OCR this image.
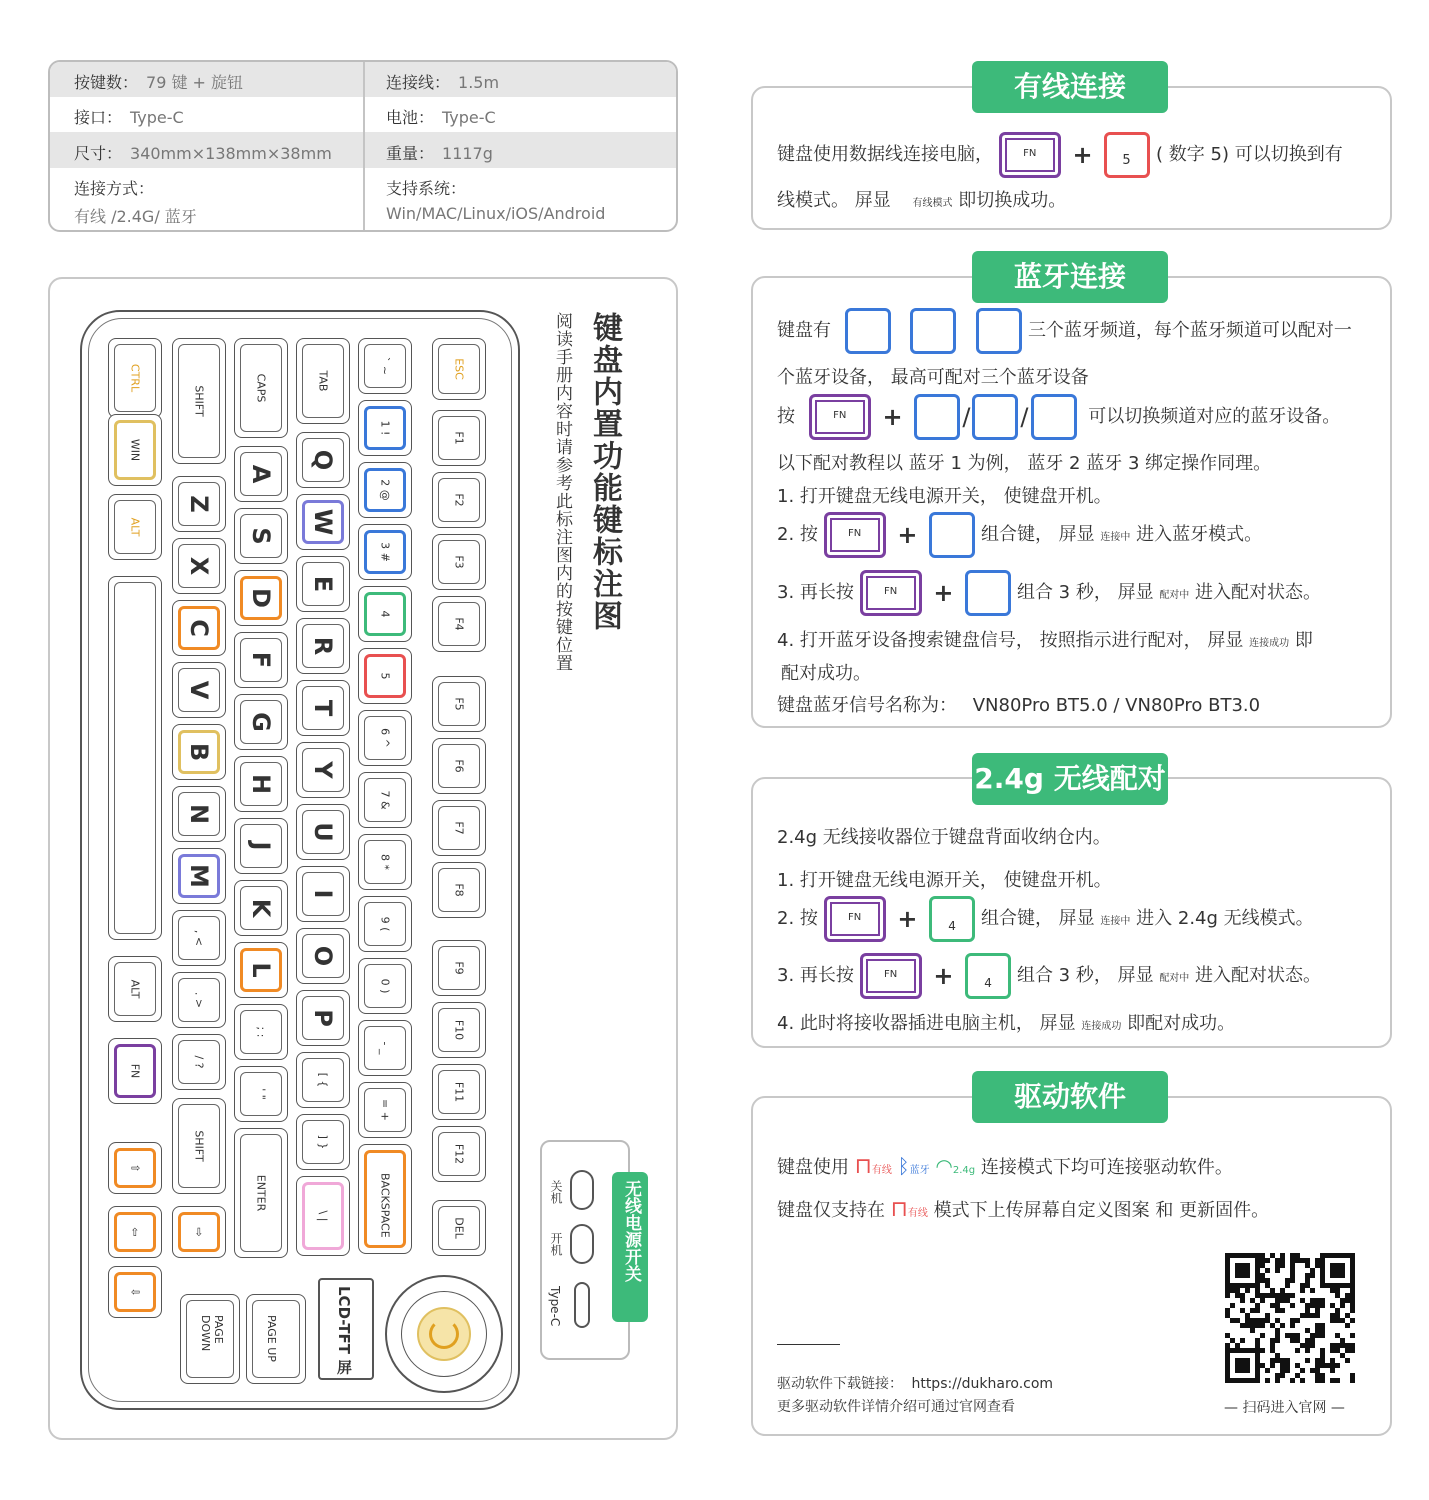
按键数： 79 键 + 旋钮	连接线： 1.5m
接口： Type-C	电池： Type-C
尺寸： 340mm×138mm×38mm	重量： 1117g
连接方式：
有线 /2.4G/ 蓝牙
支持系统：
Win/MAC/Linux/iOS/Android
键盘内置功能键标注图
阅读手册内容时请参考此标注图内的按键位置
CTRL
WIN
ALT
ALT
FN
⇧
⇦
⇩
SHIFT
Z
X
C
V
B
N
M
, <
. >
/ ?
SHIFT
⇨
CAPS
A
S
D
F
G
H
J
K
L
; :
' "
ENTER
TAB
Q
W
E
R
T
Y
U
I
O
P
[ {
] }
\ |
` ~
1 !
2 @
3 #
4
5
6 ^
7 &
8 *
9 (
0 )
- _
= +
BACKSPACE
ESC
F1
F2
F3
F4
F5
F6
F7
F8
F9
F10
F11
F12
DEL
LCD-TFT 屏
PAGE DOWN	PAGE UP
无线电源开关
关机
开机
Type-C
有线连接
键盘使用数据线连接电脑，	FN	+ 5 ( 数字 5) 可以切换到有
线模式。 屏显 有线模式 即切换成功。
蓝牙连接
键盘有	三个蓝牙频道，每个蓝牙频道可以配对一
个蓝牙设备， 最高可配对三个蓝牙设备
按	FN	+ / /	可以切换频道对应的蓝牙设备。
以下配对教程以 蓝牙 1 为例， 蓝牙 2 蓝牙 3 绑定操作同理。
1. 打开键盘无线电源开关， 使键盘开机。
2. 按	FN	+	组合键， 屏显 连接中 进入蓝牙模式。
3. 再长按	FN	+	组合 3 秒， 屏显 配对中 进入配对状态。
4. 打开蓝牙设备搜索键盘信号， 按照指示进行配对， 屏显 连接成功 即
配对成功。
键盘蓝牙信号名称为： VN80Pro BT5.0 / VN80Pro BT3.0
2.4g 无线配对
2.4g 无线接收器位于键盘背面收纳仓内。
1. 打开键盘无线电源开关， 使键盘开机。
2. 按	FN	+	4 组合键， 屏显 连接中 进入 2.4g 无线模式。
3. 再长按	FN	+	4 组合 3 秒， 屏显 配对中 进入配对状态。
4. 此时将接收器插进电脑主机， 屏显 连接成功 即配对成功。
驱动软件
键盘使用 ⊓有线 ᛒ蓝牙 ◠2.4g 连接模式下均可连接驱动软件。
键盘仅支持在 ⊓有线 模式下上传屏幕自定义图案 和 更新固件。
驱动软件下载链接： https://dukharo.com
更多驱动软件详情介绍可通过官网查看	— 扫码进入官网 —
